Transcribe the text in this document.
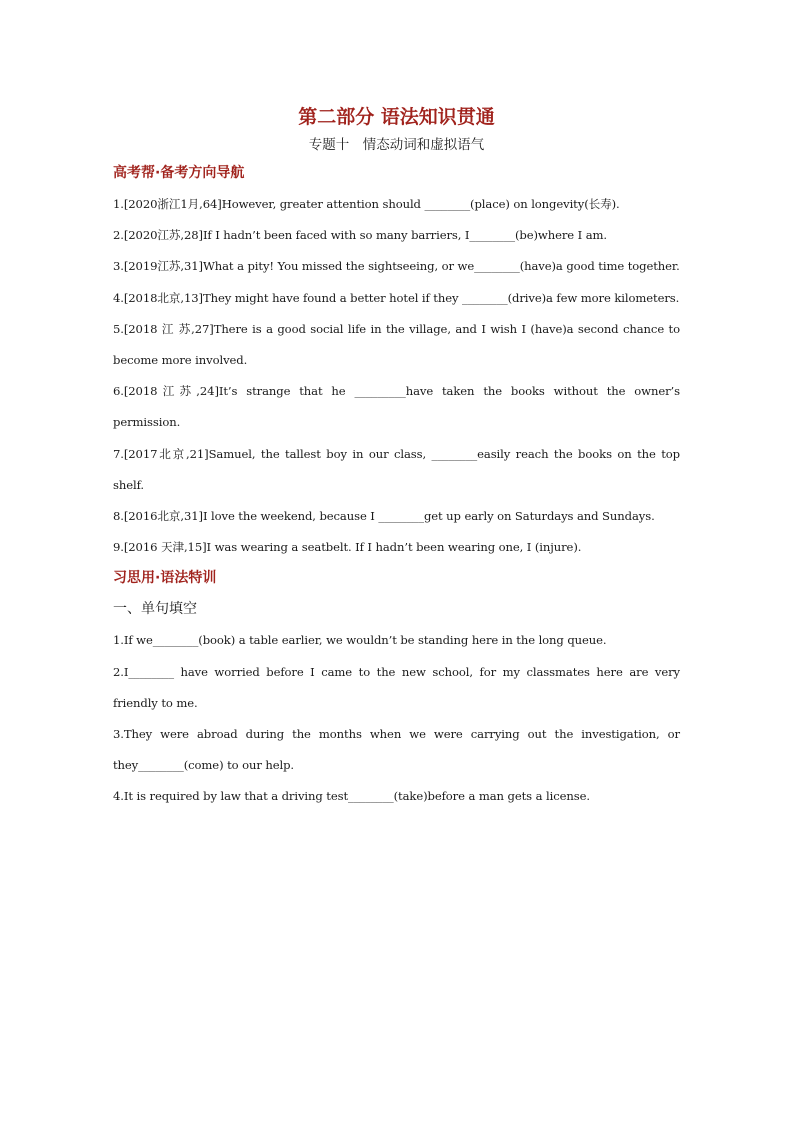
第二部分 语法知识贯通

专题十　情态动词和虚拟语气

高考帮·备考方向导航

1.[2020浙江1月,64]However, greater attention should ________(place) on longevity(长寿).

2.[2020江苏,28]If I hadn’t been faced with so many barriers, I________(be)where I am.

3.[2019江苏,31]What a pity! You missed the sightseeing, or we________(have)a good time together.

4.[2018北京,13]They might have found a better hotel if they ________(drive)a few more kilometers.

5.[2018 江 苏,27]There is a good social life in the village, and I wish I (have)a second chance to become more involved.

6.[2018江苏,24]It’s strange that he _________have taken the books without the owner’s permission.

7.[2017北京,21]Samuel, the tallest boy in our class, ________easily reach the books on the top shelf.

8.[2016北京,31]I love the weekend, because I ________get up early on Saturdays and Sundays.

9.[2016 天津,15]I was wearing a seatbelt. If I hadn’t been wearing one, I (injure).

习思用·语法特训

一、单句填空

1.If we________(book) a table earlier, we wouldn’t be standing here in the long queue.

2.I________ have worried before I came to the new school, for my classmates here are very friendly to me.

3.They were abroad during the months when we were carrying out the investigation, or they________(come) to our help.

4.It is required by law that a driving test________(take)before a man gets a license.
